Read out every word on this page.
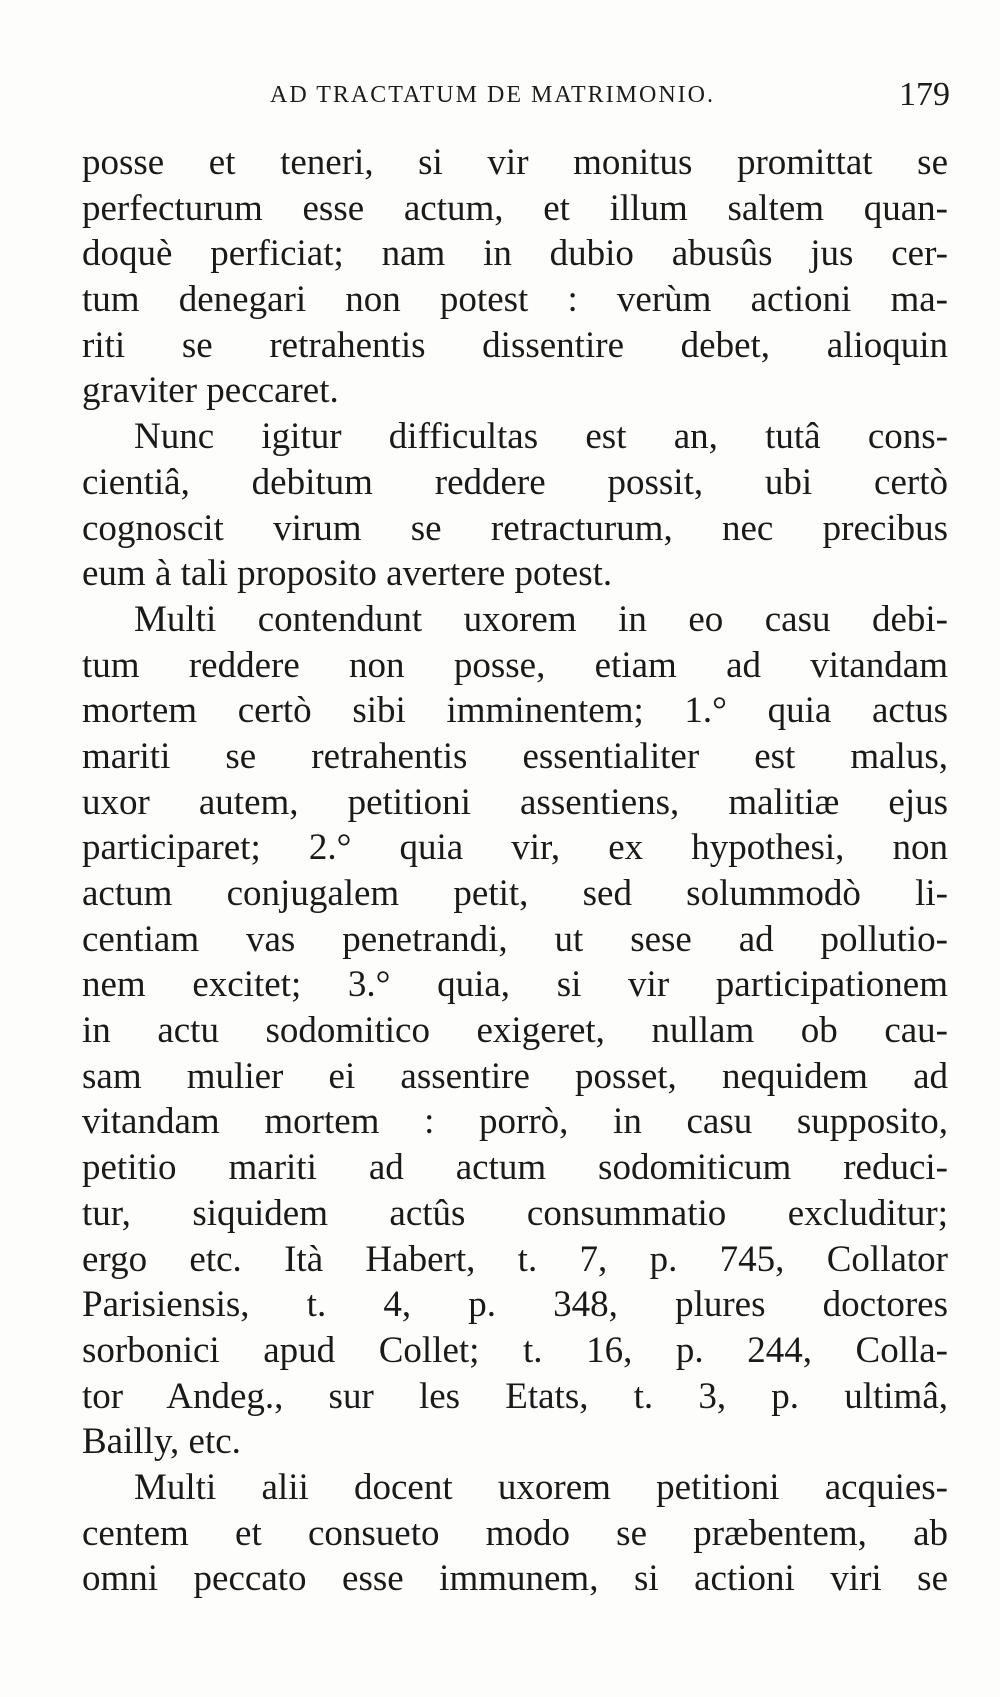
AD TRACTATUM DE MATRIMONIO.	179
posse et teneri, si vir monitus promittat se
perfecturum esse actum, et illum saltem quan-
doquè perficiat; nam in dubio abusûs jus cer-
tum denegari non potest : verùm actioni ma-
riti se retrahentis dissentire debet, alioquin
graviter peccaret.
Nunc igitur difficultas est an, tutâ cons-
cientiâ, debitum reddere possit, ubi certò
cognoscit virum se retracturum, nec precibus
eum à tali proposito avertere potest.
Multi contendunt uxorem in eo casu debi-
tum reddere non posse, etiam ad vitandam
mortem certò sibi imminentem; 1.° quia actus
mariti se retrahentis essentialiter est malus,
uxor autem, petitioni assentiens, malitiæ ejus
participaret; 2.° quia vir, ex hypothesi, non
actum conjugalem petit, sed solummodò li-
centiam vas penetrandi, ut sese ad pollutio-
nem excitet; 3.° quia, si vir participationem
in actu sodomitico exigeret, nullam ob cau-
sam mulier ei assentire posset, nequidem ad
vitandam mortem : porrò, in casu supposito,
petitio mariti ad actum sodomiticum reduci-
tur, siquidem actûs consummatio excluditur;
ergo etc. Ità Habert, t. 7, p. 745, Collator
Parisiensis, t. 4, p. 348, plures doctores
sorbonici apud Collet; t. 16, p. 244, Colla-
tor Andeg., sur les Etats, t. 3, p. ultimâ,
Bailly, etc.
Multi alii docent uxorem petitioni acquies-
centem et consueto modo se præbentem, ab
omni peccato esse immunem, si actioni viri se
